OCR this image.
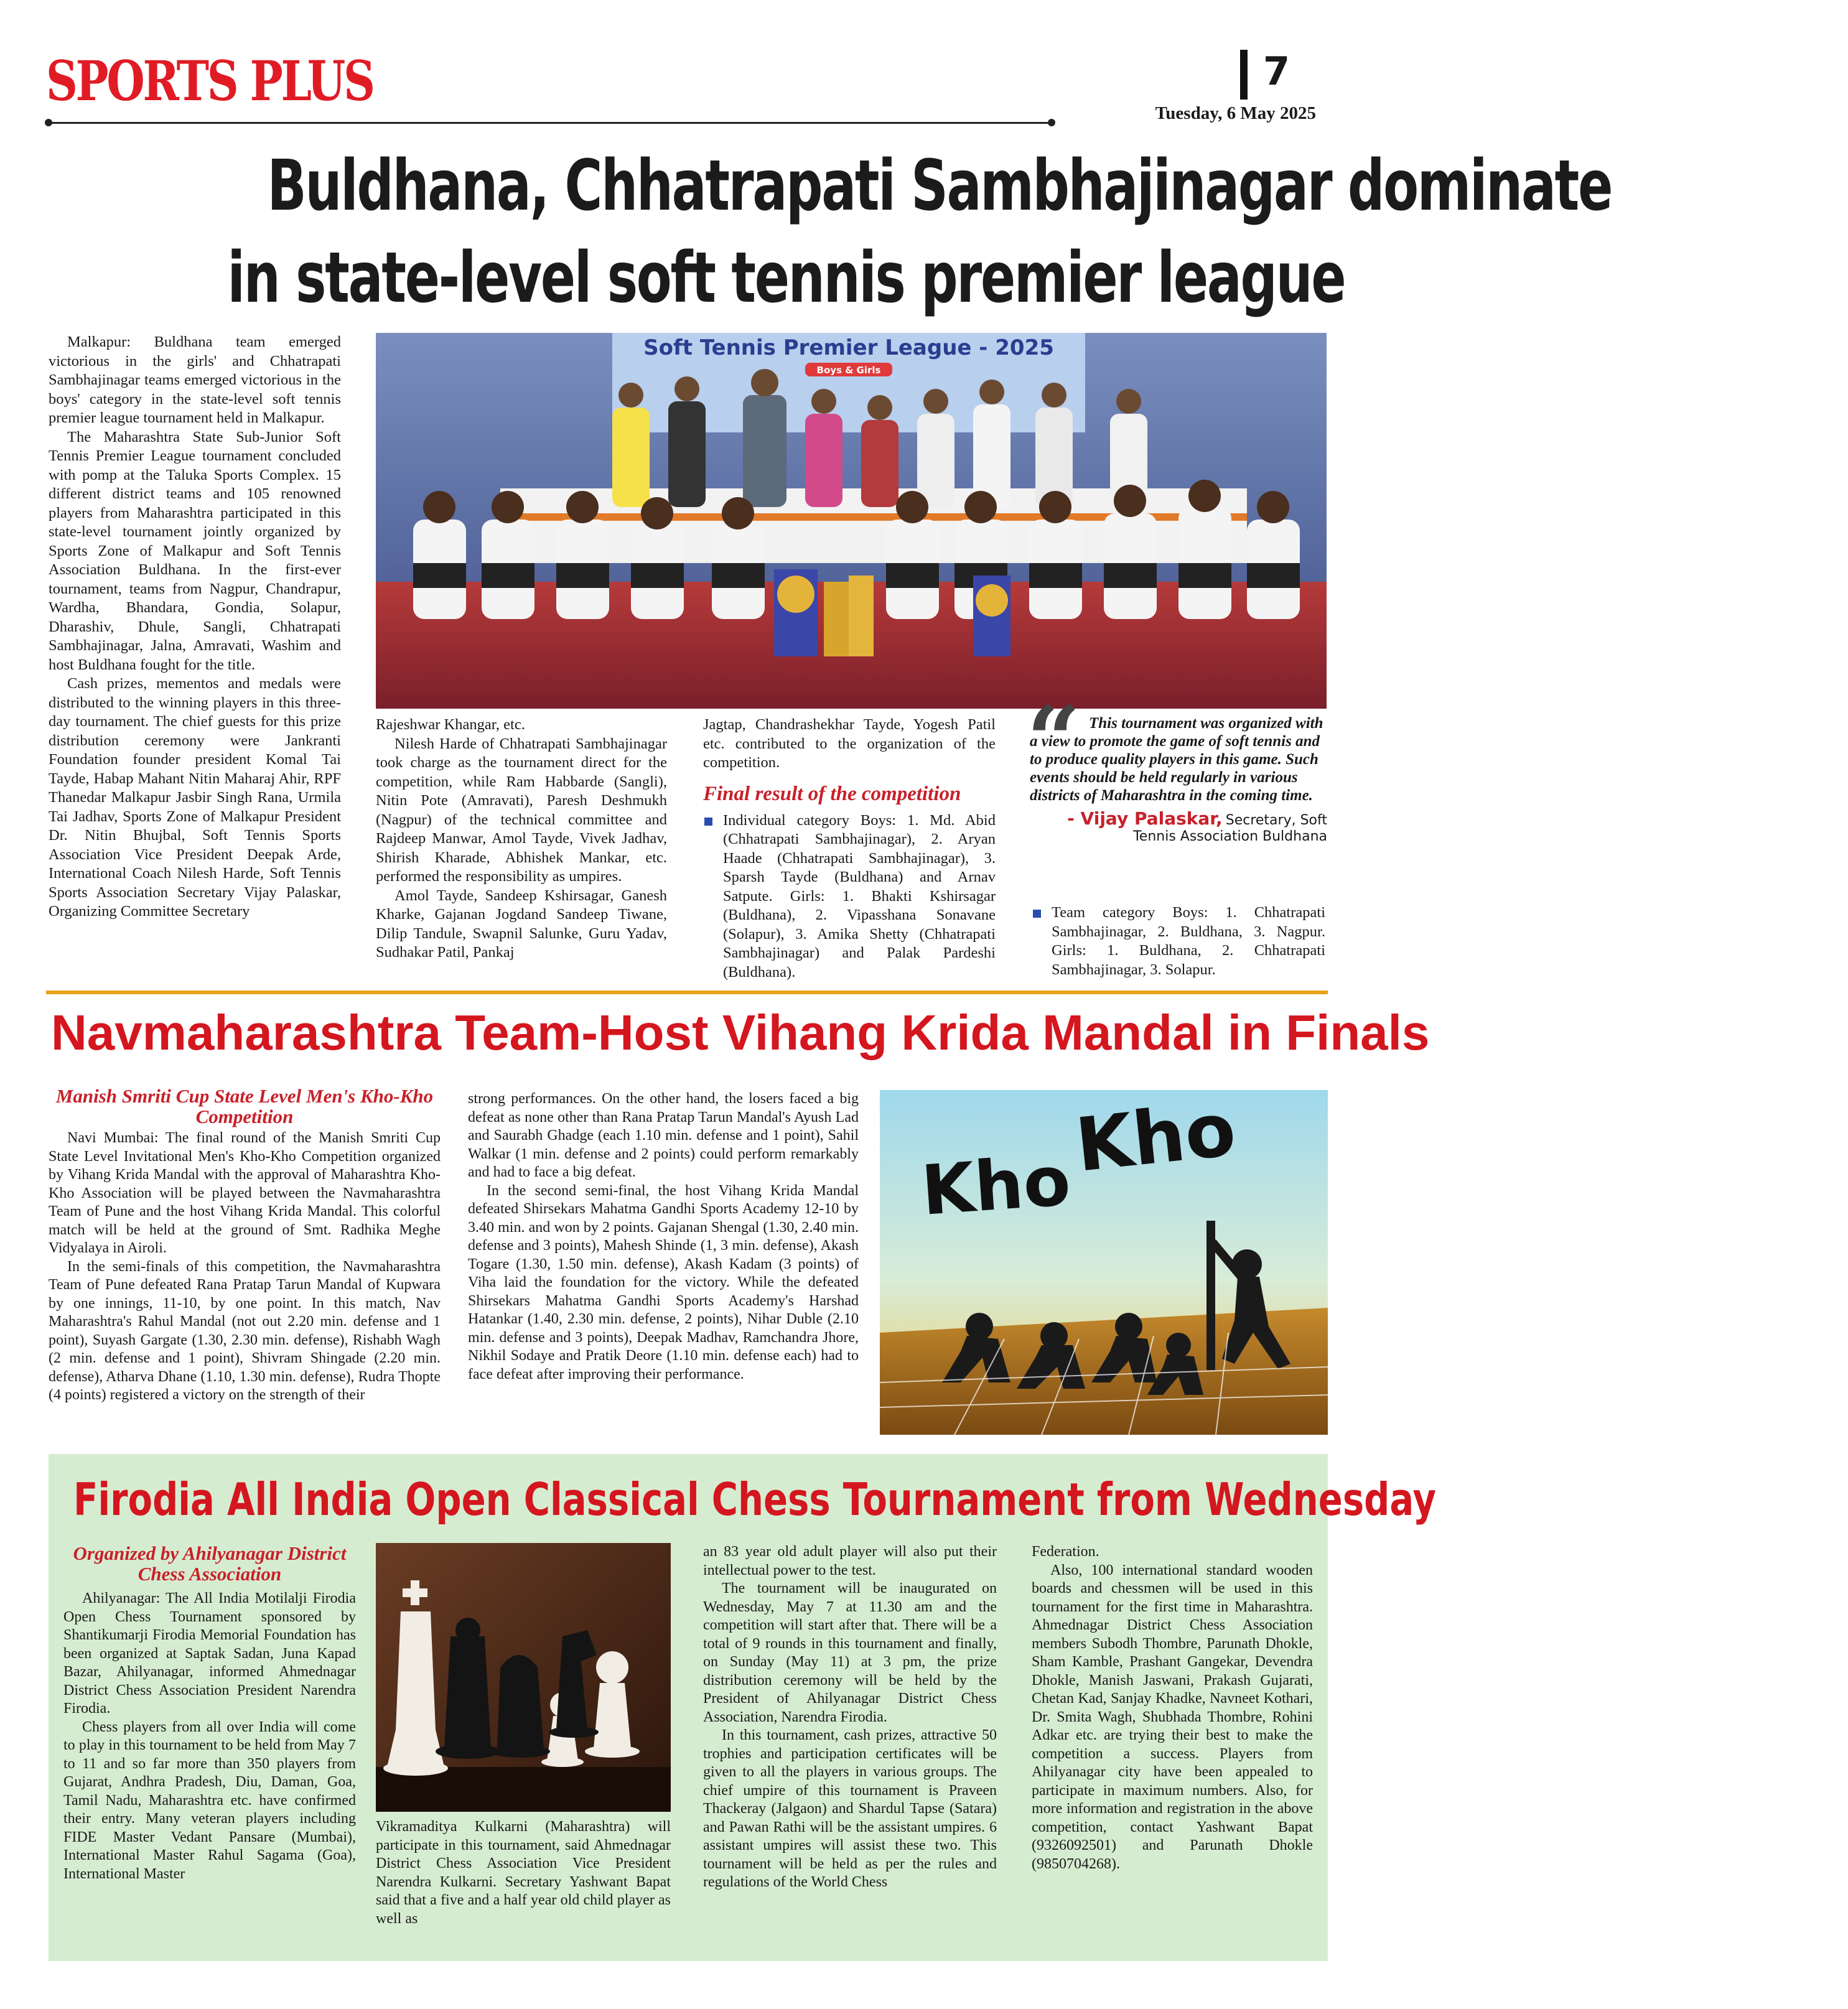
SPORTS PLUS	7
Tuesday, 6 May 2025
Buldhana, Chhatrapati Sambhajinagar dominate
in state-level soft tennis premier league

Malkapur: Buldhana team emerged victorious in the girls' and Chhatrapati Sambhajinagar teams emerged victorious in the boys' category in the state-level soft tennis premier league tournament held in Malkapur.

The Maharashtra State Sub-Junior Soft Tennis Premier League tournament concluded with pomp at the Taluka Sports Complex. 15 different district teams and 105 renowned players from Maharashtra participated in this state-level tournament jointly organized by Sports Zone of Malkapur and Soft Tennis Association Buldhana. In the first-ever tournament, teams from Nagpur, Chandrapur, Wardha, Bhandara, Gondia, Solapur, Dharashiv, Dhule, Sangli, Chhatrapati Sambhajinagar, Jalna, Amravati, Washim and host Buldhana fought for the title.

Cash prizes, mementos and medals were distributed to the winning players in this three-day tournament. The chief guests for this prize distribution ceremony were Jankranti Foundation founder president Komal Tai Tayde, Habap Mahant Nitin Maharaj Ahir, RPF Thanedar Malkapur Jasbir Singh Rana, Urmila Tai Jadhav, Sports Zone of Malkapur President Dr. Nitin Bhujbal, Soft Tennis Sports Association Vice President Deepak Arde, International Coach Nilesh Harde, Soft Tennis Sports Association Secretary Vijay Palaskar, Organizing Committee Secretary

Soft Tennis Premier League - 2025
Boys & Girls

Rajeshwar Khangar, etc.

Nilesh Harde of Chhatrapati Sambhajinagar took charge as the tournament direct for the competition, while Ram Habbarde (Sangli), Nitin Pote (Amravati), Paresh Deshmukh (Nagpur) of the technical committee and Rajdeep Manwar, Amol Tayde, Vivek Jadhav, Shirish Kharade, Abhishek Mankar, etc. performed the responsibility as umpires.

Amol Tayde, Sandeep Kshirsagar, Ganesh Kharke, Gajanan Jogdand Sandeep Tiwane, Dilip Tandule, Swapnil Salunke, Guru Yadav, Sudhakar Patil, Pankaj

Jagtap, Chandrashekhar Tayde, Yogesh Patil etc. contributed to the organization of the competition.

Final result of the competition
Individual category Boys: 1. Md. Abid (Chhatrapati Sambhajinagar), 2. Aryan Haade (Chhatrapati Sambhajinagar), 3. Sparsh Tayde (Buldhana) and Arnav Satpute. Girls: 1. Bhakti Kshirsagar (Buldhana), 2. Vipasshana Sonavane (Solapur), 3. Amika Shetty (Chhatrapati Sambhajinagar) and Palak Pardeshi (Buldhana).
“ This tournament was organized with a view to promote the game of soft tennis and to produce quality players in this game. Such events should be held regularly in various districts of Maharashtra in the coming time.
- Vijay Palaskar, Secretary, Soft Tennis Association Buldhana
Team category Boys: 1. Chhatrapati Sambhajinagar, 2. Buldhana, 3. Nagpur. Girls: 1. Buldhana, 2. Chhatrapati Sambhajinagar, 3. Solapur.
Navmaharashtra Team-Host Vihang Krida Mandal in Finals
Manish Smriti Cup State Level Men's Kho-Kho Competition

Navi Mumbai: The final round of the Manish Smriti Cup State Level Invitational Men's Kho-Kho Competition organized by Vihang Krida Mandal with the approval of Maharashtra Kho-Kho Association will be played between the Navmaharashtra Team of Pune and the host Vihang Krida Mandal. This colorful match will be held at the ground of Smt. Radhika Meghe Vidyalaya in Airoli.

In the semi-finals of this competition, the Navmaharashtra Team of Pune defeated Rana Pratap Tarun Mandal of Kupwara by one innings, 11-10, by one point. In this match, Nav Maharashtra's Rahul Mandal (not out 2.20 min. defense and 1 point), Suyash Gargate (1.30, 2.30 min. defense), Rishabh Wagh (2 min. defense and 1 point), Shivram Shingade (2.20 min. defense), Atharva Dhane (1.10, 1.30 min. defense), Rudra Thopte (4 points) registered a victory on the strength of their

strong performances. On the other hand, the losers faced a big defeat as none other than Rana Pratap Tarun Mandal's Ayush Lad and Saurabh Ghadge (each 1.10 min. defense and 1 point), Sahil Walkar (1 min. defense and 2 points) could perform remarkably and had to face a big defeat.

In the second semi-final, the host Vihang Krida Mandal defeated Shirsekars Mahatma Gandhi Sports Academy 12-10 by 3.40 min. and won by 2 points. Gajanan Shengal (1.30, 2.40 min. defense and 3 points), Mahesh Shinde (1, 3 min. defense), Akash Togare (1.30, 1.50 min. defense), Akash Kadam (3 points) of Viha laid the foundation for the victory. While the defeated Shirsekars Mahatma Gandhi Sports Academy's Harshad Hatankar (1.40, 2.30 min. defense, 2 points), Nihar Duble (2.10 min. defense and 3 points), Deepak Madhav, Ramchandra Jhore, Nikhil Sodaye and Pratik Deore (1.10 min. defense each) had to face defeat after improving their performance.

Kho
Kho
Firodia All India Open Classical Chess Tournament from Wednesday
Organized by Ahilyanagar District Chess Association

Ahilyanagar: The All India Motilalji Firodia Open Chess Tournament sponsored by Shantikumarji Firodia Memorial Foundation has been organized at Saptak Sadan, Juna Kapad Bazar, Ahilyanagar, informed Ahmednagar District Chess Association President Narendra Firodia.

Chess players from all over India will come to play in this tournament to be held from May 7 to 11 and so far more than 350 players from Gujarat, Andhra Pradesh, Diu, Daman, Goa, Tamil Nadu, Maharashtra etc. have confirmed their entry. Many veteran players including FIDE Master Vedant Pansare (Mumbai), International Master Rahul Sagama (Goa), International Master

Vikramaditya Kulkarni (Maharashtra) will participate in this tournament, said Ahmednagar District Chess Association Vice President Narendra Kulkarni. Secretary Yashwant Bapat said that a five and a half year old child player as well as

an 83 year old adult player will also put their intellectual power to the test.

The tournament will be inaugurated on Wednesday, May 7 at 11.30 am and the competition will start after that. There will be a total of 9 rounds in this tournament and finally, on Sunday (May 11) at 3 pm, the prize distribution ceremony will be held by the President of Ahilyanagar District Chess Association, Narendra Firodia.

In this tournament, cash prizes, attractive 50 trophies and participation certificates will be given to all the players in various groups. The chief umpire of this tournament is Praveen Thackeray (Jalgaon) and Shardul Tapse (Satara) and Pawan Rathi will be the assistant umpires. 6 assistant umpires will assist these two. This tournament will be held as per the rules and regulations of the World Chess

Federation.

Also, 100 international standard wooden boards and chessmen will be used in this tournament for the first time in Maharashtra. Ahmednagar District Chess Association members Subodh Thombre, Parunath Dhokle, Sham Kamble, Prashant Gangekar, Devendra Dhokle, Manish Jaswani, Prakash Gujarati, Chetan Kad, Sanjay Khadke, Navneet Kothari, Dr. Smita Wagh, Shubhada Thombre, Rohini Adkar etc. are trying their best to make the competition a success. Players from Ahilyanagar city have been appealed to participate in maximum numbers. Also, for more information and registration in the above competition, contact Yashwant Bapat (9326092501) and Parunath Dhokle (9850704268).
